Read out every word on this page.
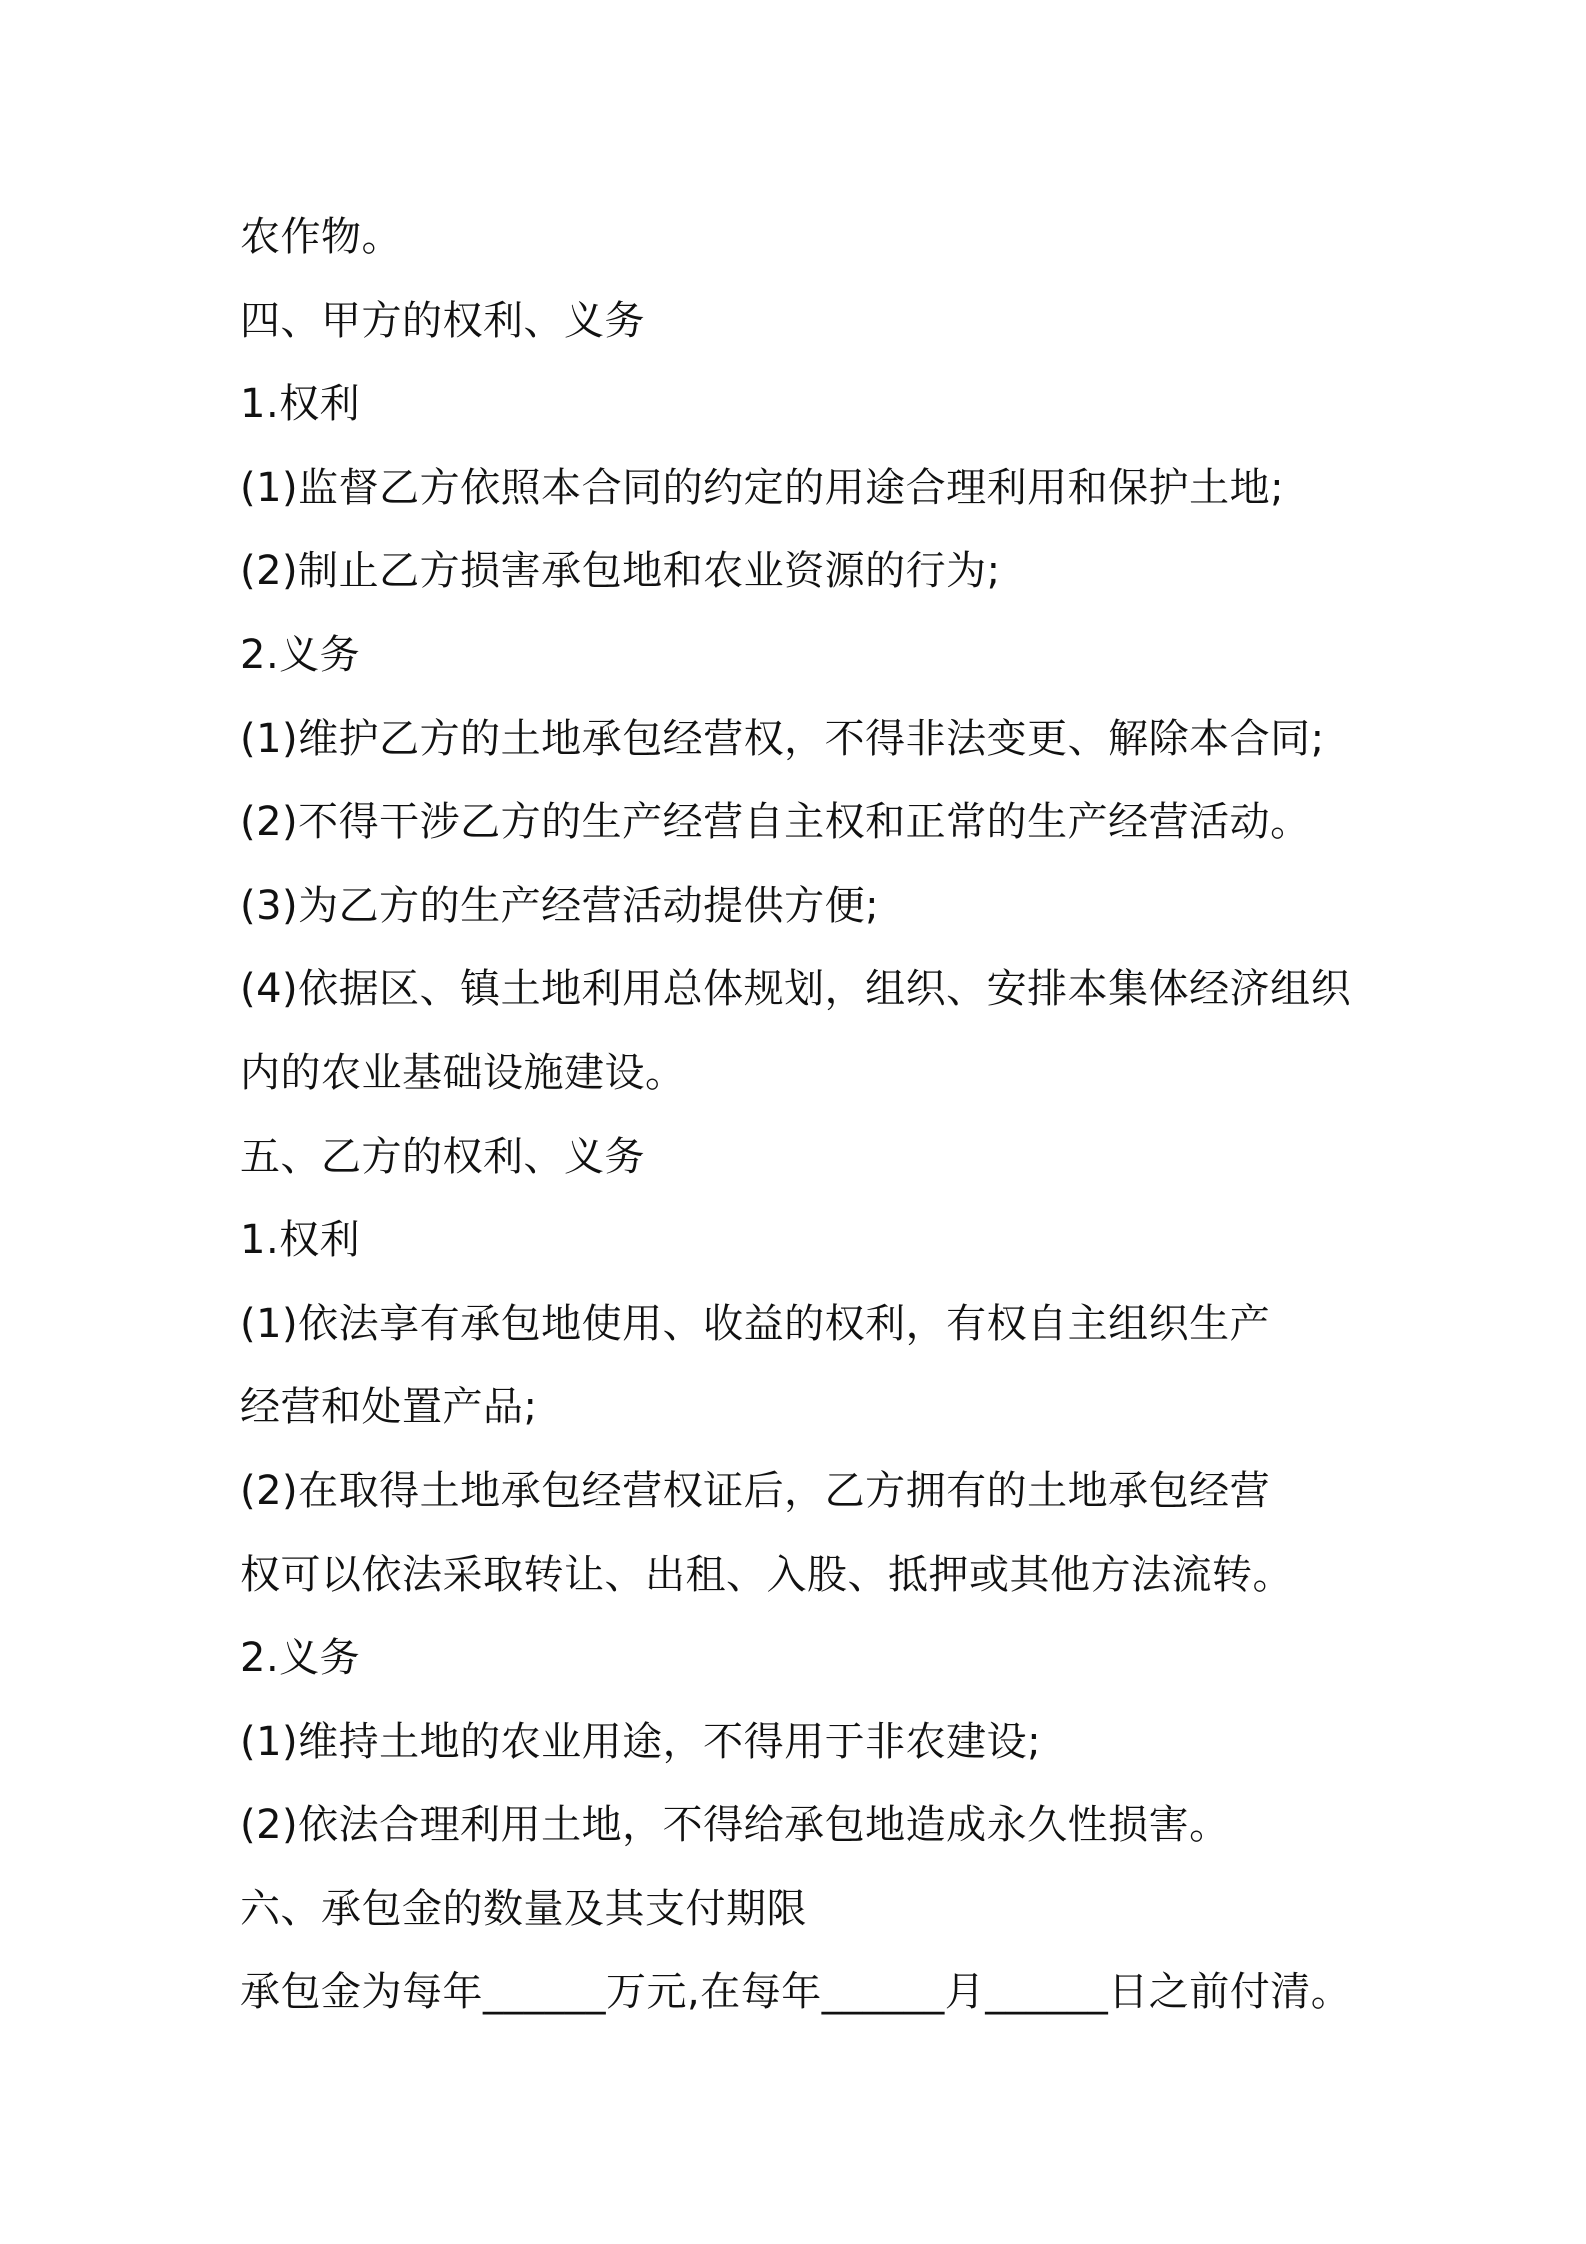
农作物。
四、甲方的权利、义务
1.权利
(1)监督乙方依照本合同的约定的用途合理利用和保护土地;
(2)制止乙方损害承包地和农业资源的行为;
2.义务
(1)维护乙方的土地承包经营权，不得非法变更、解除本合同;
(2)不得干涉乙方的生产经营自主权和正常的生产经营活动。
(3)为乙方的生产经营活动提供方便;
(4)依据区、镇土地利用总体规划，组织、安排本集体经济组织
内的农业基础设施建设。
五、乙方的权利、义务
1.权利
(1)依法享有承包地使用、收益的权利，有权自主组织生产
经营和处置产品;
(2)在取得土地承包经营权证后，乙方拥有的土地承包经营
权可以依法采取转让、出租、入股、抵押或其他方法流转。
2.义务
(1)维持土地的农业用途，不得用于非农建设;
(2)依法合理利用土地，不得给承包地造成永久性损害。
六、承包金的数量及其支付期限
承包金为每年______万元,在每年______月______日之前付清。
